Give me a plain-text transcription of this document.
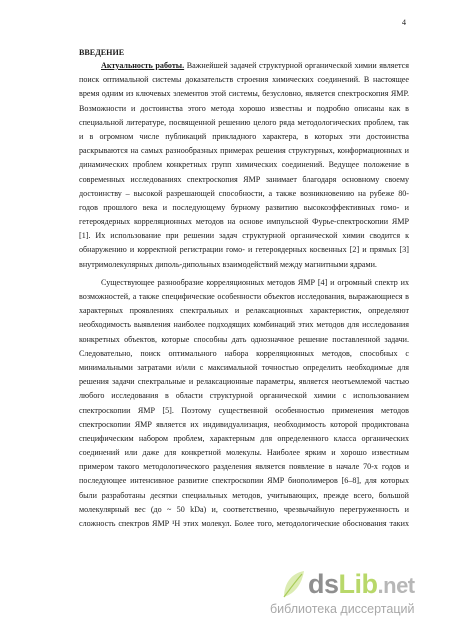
4
ВВЕДЕНИЕ
Актуальность работы. Важнейшей задачей структурной органической химии является
поиск оптимальной системы доказательств строения химических соединений. В настоящее
время одним из ключевых элементов этой системы, безусловно, является спектроскопия ЯМР.
Возможности и достоинства этого метода хорошо известны и подробно описаны как в
специальной литературе, посвященной решению целого ряда методологических проблем, так
и в огромном числе публикаций прикладного характера, в которых эти достоинства
раскрываются на самых разнообразных примерах решения структурных, конформационных и
динамических проблем конкретных групп химических соединений. Ведущее положение в
современных исследованиях спектроскопия ЯМР занимает благодаря основному своему
достоинству – высокой разрешающей способности, а также возникновению на рубеже 80-
годов прошлого века и последующему бурному развитию высокоэффективных гомо- и
гетероядерных корреляционных методов на основе импульсной Фурье-спектроскопии ЯМР
[1]. Их использование при решении задач структурной органической химии сводится к
обнаружению и корректной регистрации гомо- и гетероядерных косвенных [2] и прямых [3]
внутримолекулярных диполь-дипольных взаимодействий между магнитными ядрами.
Существующее разнообразие корреляционных методов ЯМР [4] и огромный спектр их
возможностей, а также специфические особенности объектов исследования, выражающиеся в
характерных проявлениях спектральных и релаксационных характеристик, определяют
необходимость выявления наиболее подходящих комбинаций этих методов для исследования
конкретных объектов, которые способны дать однозначное решение поставленной задачи.
Следовательно, поиск оптимального набора корреляционных методов, способных с
минимальными затратами и/или с максимальной точностью определить необходимые для
решения задачи спектральные и релаксационные параметры, является неотъемлемой частью
любого исследования в области структурной органической химии с использованием
спектроскопии ЯМР [5]. Поэтому существенной особенностью применения методов
спектроскопии ЯМР является их индивидуализация, необходимость которой продиктована
специфическим набором проблем, характерным для определенного класса органических
соединений или даже для конкретной молекулы. Наиболее ярким и хорошо известным
примером такого методологического разделения является появление в начале 70-х годов и
последующее интенсивное развитие спектроскопии ЯМР биополимеров [6–8], для которых
были разработаны десятки специальных методов, учитывающих, прежде всего, большой
молекулярный вес (до ~ 50 kDa) и, соответственно, чрезвычайную перегруженность и
сложность спектров ЯМР ¹H этих молекул. Более того, методологические обоснования таких
dsLib.net
библиотека диссертаций
